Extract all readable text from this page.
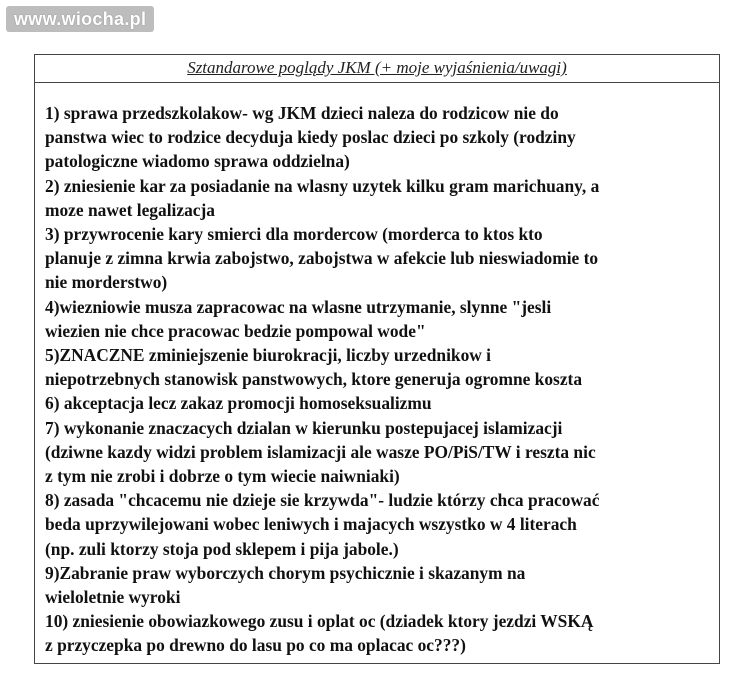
www.wiocha.pl
Sztandarowe poglądy JKM (+ moje wyjaśnienia/uwagi)
1) sprawa przedszkolakow- wg JKM dzieci naleza do rodzicow nie do
panstwa wiec to rodzice decyduja kiedy poslac dzieci po szkoly (rodziny
patologiczne wiadomo sprawa oddzielna)
2) zniesienie kar za posiadanie na wlasny uzytek kilku gram marichuany, a
moze nawet legalizacja
3) przywrocenie kary smierci dla mordercow (morderca to ktos kto
planuje z zimna krwia zabojstwo, zabojstwa w afekcie lub nieswiadomie to
nie morderstwo)
4)wiezniowie musza zapracowac na wlasne utrzymanie, slynne "jesli
wiezien nie chce pracowac bedzie pompowal wode"
5)ZNACZNE zminiejszenie biurokracji, liczby urzednikow i
niepotrzebnych stanowisk panstwowych, ktore generuja ogromne koszta
6) akceptacja lecz zakaz promocji homoseksualizmu
7) wykonanie znaczacych dzialan w kierunku postepujacej islamizacji
(dziwne kazdy widzi problem islamizacji ale wasze PO/PiS/TW i reszta nic
z tym nie zrobi i dobrze o tym wiecie naiwniaki)
8) zasada "chcacemu nie dzieje sie krzywda"- ludzie którzy chca pracować
beda uprzywilejowani wobec leniwych i majacych wszystko w 4 literach
(np. zuli ktorzy stoja pod sklepem i pija jabole.)
9)Zabranie praw wyborczych chorym psychicznie i skazanym na
wieloletnie wyroki
10) zniesienie obowiazkowego zusu i oplat oc (dziadek ktory jezdzi WSKĄ
z przyczepka po drewno do lasu po co ma oplacac oc???)
